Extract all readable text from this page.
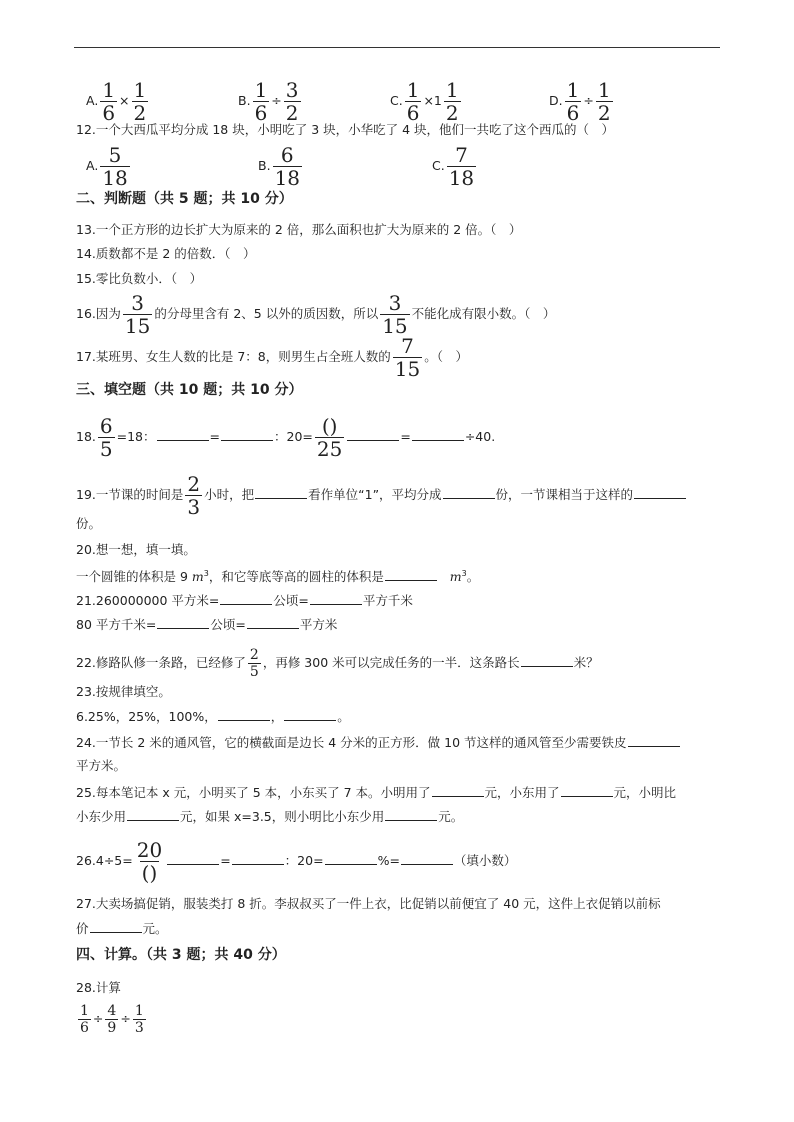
A. $\frac{1}{6} \times \frac{1}{2}$	B. $\frac{1}{6} \div \frac{3}{2}$	C. $\frac{1}{6} \times 1 \frac{1}{2}$	D. $\frac{1}{6} \div \frac{1}{2}$
12.一个大西瓜平均分成 18 块，小明吃了 3 块，小华吃了 4 块，他们一共吃了这个西瓜的（　）
A. $\frac{5}{18}$	B. $\frac{6}{18}$	C. $\frac{7}{18}$
二、判断题（共 5 题；共 10 分）
13.一个正方形的边长扩大为原来的 2 倍，那么面积也扩大为原来的 2 倍。（　）
14.质数都不是 2 的倍数．（　）
15.零比负数小．（　）
16.因为 $\frac{3}{15}$ 的分母里含有 2、5 以外的质因数，所以 $\frac{3}{15}$ 不能化成有限小数。（　）
17.某班男、女生人数的比是 7：8，则男生占全班人数的 $\frac{7}{15}$ 。（　）
三、填空题（共 10 题；共 10 分）
18. $\frac{6}{5} =18$：	=	：$20= \frac{()}{25}$	=	÷40.
19.一节课的时间是 $\frac{2}{3}$ 小时，把	看作单位“1”，平均分成	份，一节课相当于这样的
份。
20.想一想，填一填。
一个圆锥的体积是 9 $m^3$，和它等底等高的圆柱的体积是	$m^3$。
21.260000000 平方米=	公顷=	平方千米
80 平方千米=	公顷=	平方米
22.修路队修一条路，已经修了 $\frac{2}{5}$ ，再修 300 米可以完成任务的一半．这条路长	米？
23.按规律填空。
6.25%，25%，100%，	，	。
24.一节长 2 米的通风管，它的横截面是边长 4 分米的正方形．做 10 节这样的通风管至少需要铁皮
平方米。
25.每本笔记本 x 元，小明买了 5 本，小东买了 7 本。小明用了	元，小东用了	元，小明比
小东少用	元，如果 x=3.5，则小明比小东少用	元。
$26.4\div 5= \frac{20}{()}$	=	：20=	%=	（填小数）
27.大卖场搞促销，服装类打 8 折。李叔叔买了一件上衣，比促销以前便宜了 40 元，这件上衣促销以前标
价	元。
四、计算。（共 3 题；共 40 分）
28.计算
$\frac{1}{6} \div \frac{4}{9} \div \frac{1}{3}$
